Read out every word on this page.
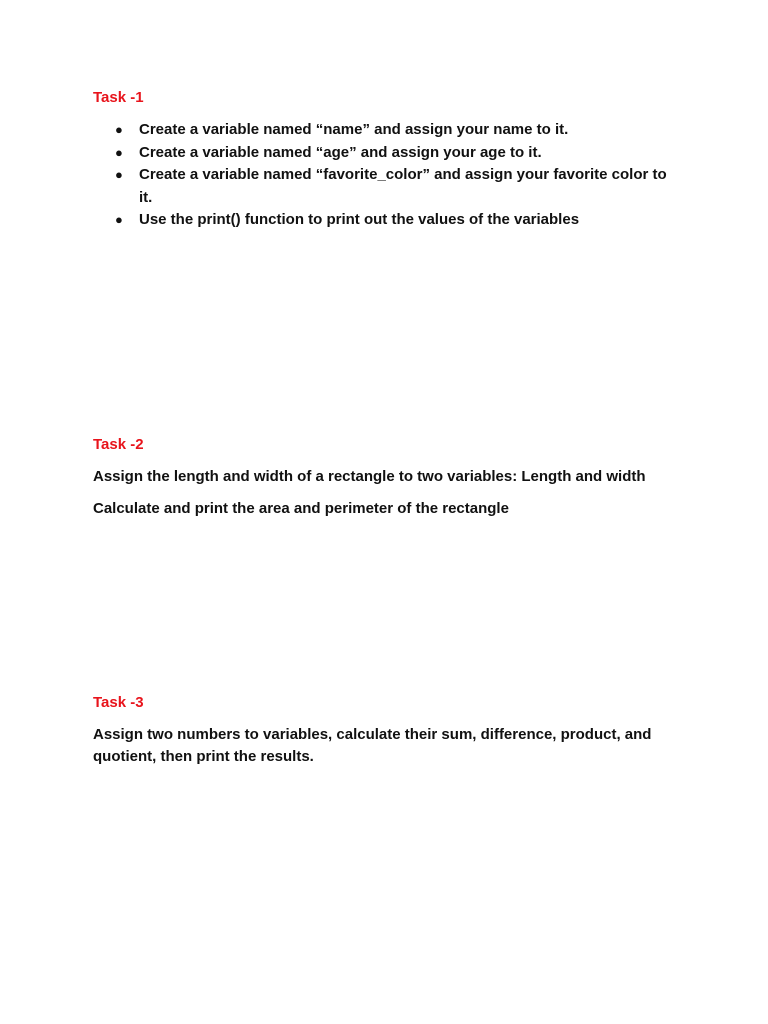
Task -1
● Create a variable named “name” and assign your name to it.
● Create a variable named “age” and assign your age to it.
● Create a variable named “favorite_color” and assign your favorite color to it.
● Use the print() function to print out the values of the variables
Task -2

Assign the length and width of a rectangle to two variables: Length and width

Calculate and print the area and perimeter of the rectangle

Task -3

Assign two numbers to variables, calculate their sum, difference, product, and quotient, then print the results.
